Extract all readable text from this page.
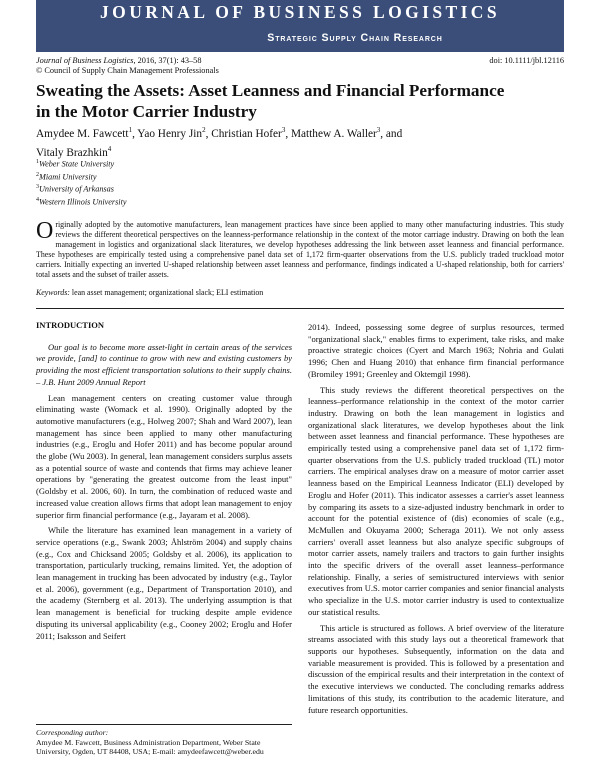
JOURNAL OF BUSINESS LOGISTICS
Strategic Supply Chain Research
Journal of Business Logistics, 2016, 37(1): 43–58
© Council of Supply Chain Management Professionals
doi: 10.1111/jbl.12116
Sweating the Assets: Asset Leanness and Financial Performance
in the Motor Carrier Industry
Amydee M. Fawcett$^1$, Yao Henry Jin$^2$, Christian Hofer$^3$, Matthew A. Waller$^3$, and
Vitaly Brazhkin$^4$
$^1$Weber State University
$^2$Miami University
$^3$University of Arkansas
$^4$Western Illinois University
Originally adopted by the automotive manufacturers, lean management practices have since been applied to many other manufacturing industries. This study reviews the different theoretical perspectives on the leanness-performance relationship in the context of the motor carriage industry. Drawing on both the lean management in logistics and organizational slack literatures, we develop hypotheses addressing the link between asset leanness and financial performance. These hypotheses are empirically tested using a comprehensive panel data set of 1,172 firm-quarter observations from the U.S. publicly traded truckload motor carriers. Initially expecting an inverted U-shaped relationship between asset leanness and performance, findings indicated a U-shaped relationship, both for carriers' total assets and the subset of trailer assets.
Keywords: lean asset management; organizational slack; ELI estimation
INTRODUCTION

Our goal is to become more asset-light in certain areas of the services we provide, [and] to continue to grow with new and existing customers by providing the most efficient transportation solutions to their supply chains. – J.B. Hunt 2009 Annual Report

Lean management centers on creating customer value through eliminating waste (Womack et al. 1990). Originally adopted by the automotive manufacturers (e.g., Holweg 2007; Shah and Ward 2007), lean management has since been applied to many other manufacturing industries (e.g., Eroglu and Hofer 2011) and has become popular around the globe (Wu 2003). In general, lean management considers surplus assets as a potential source of waste and contends that firms may achieve leaner operations by "generating the greatest outcome from the least input" (Goldsby et al. 2006, 60). In turn, the combination of reduced waste and increased value creation allows firms that adopt lean management to enjoy superior firm financial performance (e.g., Jayaram et al. 2008).

While the literature has examined lean management in a variety of service operations (e.g., Swank 2003; Åhlström 2004) and supply chains (e.g., Cox and Chicksand 2005; Goldsby et al. 2006), its application to transportation, particularly trucking, remains limited. Yet, the adoption of lean management in trucking has been advocated by industry (e.g., Taylor et al. 2006), government (e.g., Department of Transportation 2010), and the academy (Sternberg et al. 2013). The underlying assumption is that lean management is beneficial for trucking despite ample evidence disputing its universal applicability (e.g., Cooney 2002; Eroglu and Hofer 2011; Isaksson and Seifert

2014). Indeed, possessing some degree of surplus resources, termed "organizational slack," enables firms to experiment, take risks, and make proactive strategic choices (Cyert and March 1963; Nohria and Gulati 1996; Chen and Huang 2010) that enhance firm financial performance (Bromiley 1991; Greenley and Oktemgil 1998).

This study reviews the different theoretical perspectives on the leanness–performance relationship in the context of the motor carrier industry. Drawing on both the lean management in logistics and organizational slack literatures, we develop hypotheses about the link between asset leanness and financial performance. These hypotheses are empirically tested using a comprehensive panel data set of 1,172 firm-quarter observations from the U.S. publicly traded truckload (TL) motor carriers. The empirical analyses draw on a measure of motor carrier asset leanness based on the Empirical Leanness Indicator (ELI) developed by Eroglu and Hofer (2011). This indicator assesses a carrier's asset leanness by comparing its assets to a size-adjusted industry benchmark in order to account for the potential existence of (dis) economies of scale (e.g., McMullen and Okuyama 2000; Scheraga 2011). We not only assess carriers' overall asset leanness but also analyze specific subgroups of motor carrier assets, namely trailers and tractors to gain further insights into the specific drivers of the overall asset leanness–performance relationship. Finally, a series of semistructured interviews with senior executives from U.S. motor carrier companies and senior financial analysts who specialize in the U.S. motor carrier industry is used to contextualize our statistical results.

This article is structured as follows. A brief overview of the literature streams associated with this study lays out a theoretical framework that supports our hypotheses. Subsequently, information on the data and variable measurement is provided. This is followed by a presentation and discussion of the empirical results and their interpretation in the context of the executive interviews we conducted. The concluding remarks address limitations of this study, its contribution to the academic literature, and future research opportunities.

Corresponding author:
Amydee M. Fawcett, Business Administration Department, Weber State University, Ogden, UT 84408, USA; E-mail: amydeefawcett@weber.edu
